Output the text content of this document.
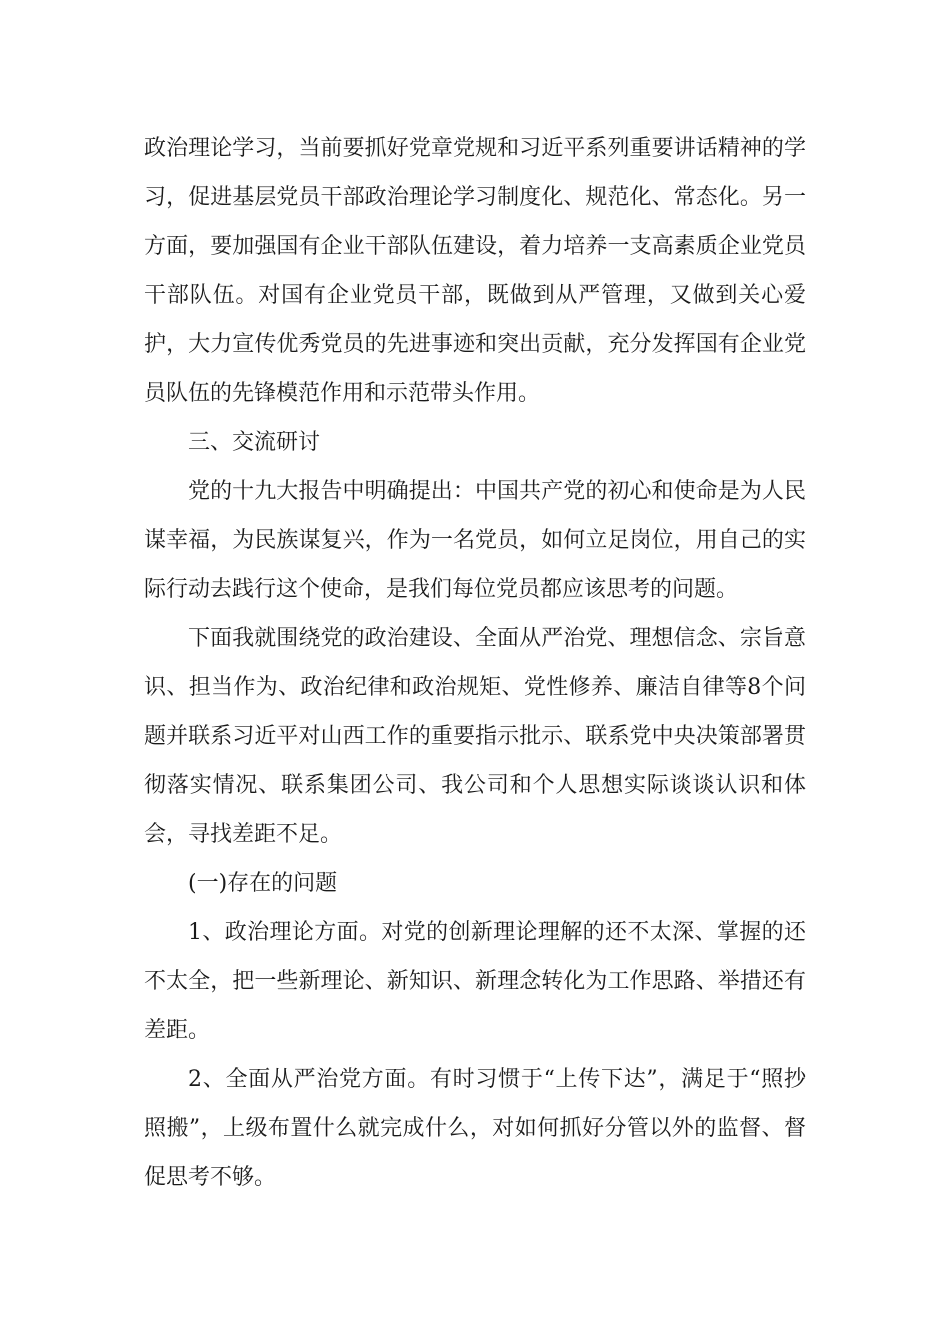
政治理论学习，当前要抓好党章党规和习近平系列重要讲话精神的学习，促进基层党员干部政治理论学习制度化、规范化、常态化。另一方面，要加强国有企业干部队伍建设，着力培养一支高素质企业党员干部队伍。对国有企业党员干部，既做到从严管理，又做到关心爱护，大力宣传优秀党员的先进事迹和突出贡献，充分发挥国有企业党员队伍的先锋模范作用和示范带头作用。

三、交流研讨

党的十九大报告中明确提出：中国共产党的初心和使命是为人民谋幸福，为民族谋复兴，作为一名党员，如何立足岗位，用自己的实际行动去践行这个使命，是我们每位党员都应该思考的问题。

下面我就围绕党的政治建设、全面从严治党、理想信念、宗旨意识、担当作为、政治纪律和政治规矩、党性修养、廉洁自律等8个问题并联系习近平对山西工作的重要指示批示、联系党中央决策部署贯彻落实情况、联系集团公司、我公司和个人思想实际谈谈认识和体会，寻找差距不足。

(一)存在的问题

1、政治理论方面。对党的创新理论理解的还不太深、掌握的还不太全，把一些新理论、新知识、新理念转化为工作思路、举措还有差距。

2、全面从严治党方面。有时习惯于“上传下达”，满足于“照抄照搬”，上级布置什么就完成什么，对如何抓好分管以外的监督、督促思考不够。
